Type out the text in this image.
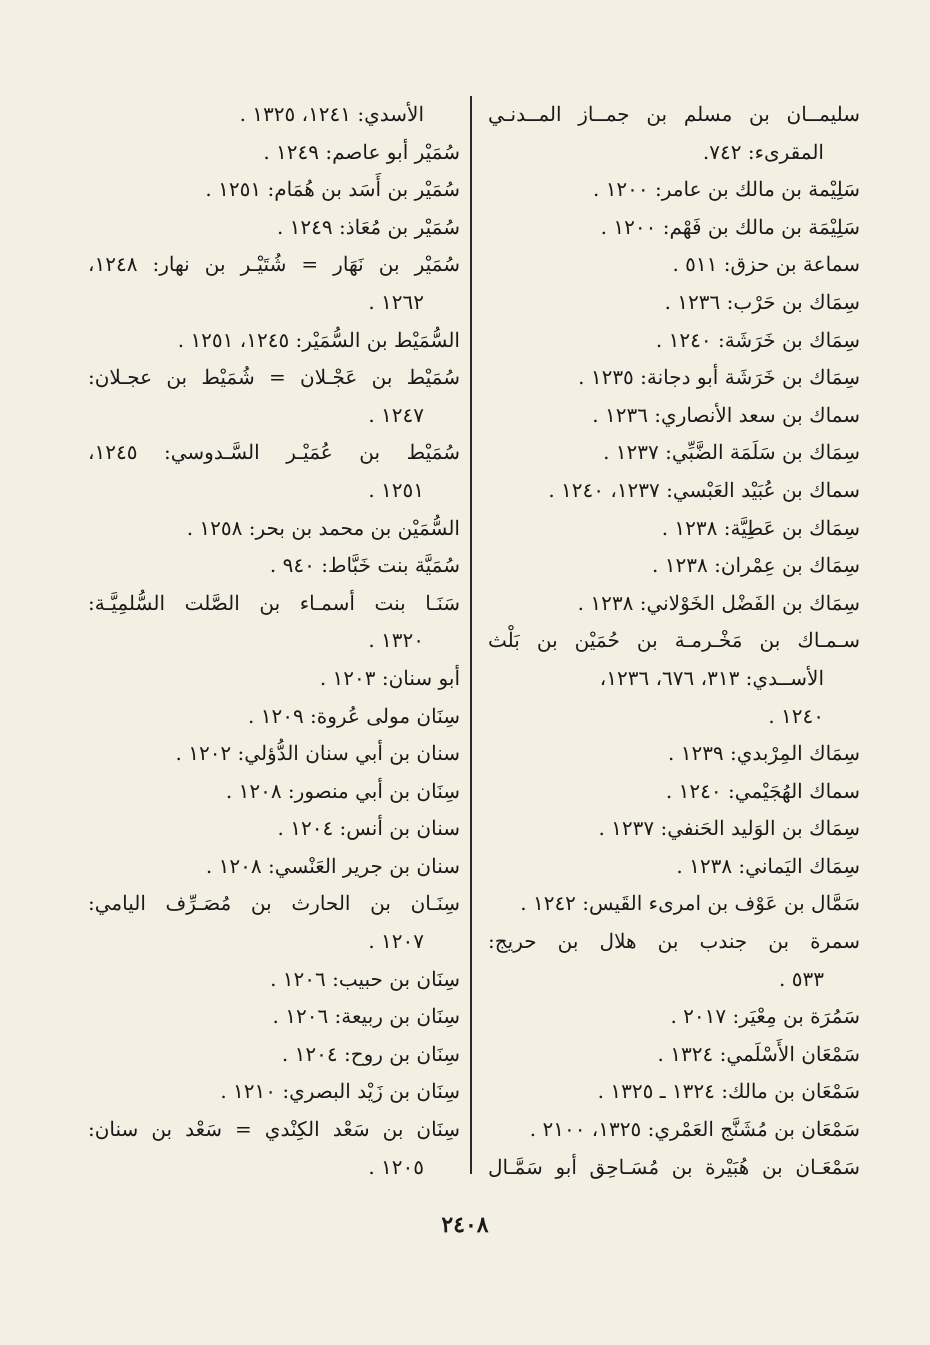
سليمــان بن مسلم بن جمــاز المــدنـي
المقرىء: ٧٤٢.
سَلِيْمة بن مالك بن عامر: ١٢٠٠ .
سَلِيْمَة بن مالك بن فَهْم: ١٢٠٠ .
سماعة بن حزق: ٥١١ .
سِمَاك بن حَرْب: ١٢٣٦ .
سِمَاك بن خَرَشَة: ١٢٤٠ .
سِمَاك بن خَرَشَة أبو دجانة: ١٢٣٥ .
سماك بن سعد الأنصاري: ١٢٣٦ .
سِمَاك بن سَلَمَة الضَّبِّي: ١٢٣٧ .
سماك بن عُبَيْد العَبْسي: ١٢٣٧، ١٢٤٠ .
سِمَاك بن عَطِيَّة: ١٢٣٨ .
سِمَاك بن عِمْران: ١٢٣٨ .
سِمَاك بن الفَضْل الخَوْلاني: ١٢٣٨ .
سـمـاك بن مَخْـرمـة بن حُمَيْن بن بَلْث
الأســدي: ٣١٣، ٦٧٦، ١٢٣٦،
١٢٤٠ .
سِمَاك المِرْبدي: ١٢٣٩ .
سماك الهُجَيْمي: ١٢٤٠ .
سِمَاك بن الوَليد الحَنفي: ١٢٣٧ .
سِمَاك اليَماني: ١٢٣٨ .
سَمَّال بن عَوْف بن امرىء القَيس: ١٢٤٢ .
سمرة بن جندب بن هلال بن حريج:
٥٣٣ .
سَمُرَة بن مِعْيَر: ٢٠١٧ .
سَمْعَان الأَسْلَمي: ١٣٢٤ .
سَمْعَان بن مالك: ١٣٢٤ ـ ١٣٢٥ .
سَمْعَان بن مُشَنَّج العَمْري: ١٣٢٥، ٢١٠٠ .
سَمْعَـان بن هُبَيْرة بن مُسَـاحِق أبو سَمَّـال
الأسدي: ١٢٤١، ١٣٢٥ .
سُمَيْر أبو عاصم: ١٢٤٩ .
سُمَيْر بن أَسَد بن هُمَام: ١٢٥١ .
سُمَيْر بن مُعَاذ: ١٢٤٩ .
سُمَيْر بن نَهَار = شُتَيْـر بن نهار: ١٢٤٨،
١٢٦٢ .
السُّمَيْط بن السُّمَيْر: ١٢٤٥، ١٢٥١ .
سُمَيْط بن عَجْـلان = شُمَيْط بن عجـلان:
١٢٤٧ .
سُمَيْط بن عُمَيْـر السَّـدوسي: ١٢٤٥،
١٢٥١ .
السُّمَيْن بن محمد بن بحر: ١٢٥٨ .
سُمَيَّة بنت خَبَّاط: ٩٤٠ .
سَنَـا بنت أسمـاء بن الصَّلت السُّلمِيَّـة:
١٣٢٠ .
أبو سنان: ١٢٠٣ .
سِنَان مولى عُروة: ١٢٠٩ .
سنان بن أبي سنان الدُّؤلي: ١٢٠٢ .
سِنَان بن أبي منصور: ١٢٠٨ .
سنان بن أنس: ١٢٠٤ .
سنان بن جرير العَنْسي: ١٢٠٨ .
سِنَـان بن الحارث بن مُصَـرِّف اليامي:
١٢٠٧ .
سِنَان بن حبيب: ١٢٠٦ .
سِنَان بن ربيعة: ١٢٠٦ .
سِنَان بن روح: ١٢٠٤ .
سِنَان بن زَيْد البصري: ١٢١٠ .
سِنَان بن سَعْد الكِنْدي = سَعْد بن سنان:
١٢٠٥ .
٢٤٠٨
